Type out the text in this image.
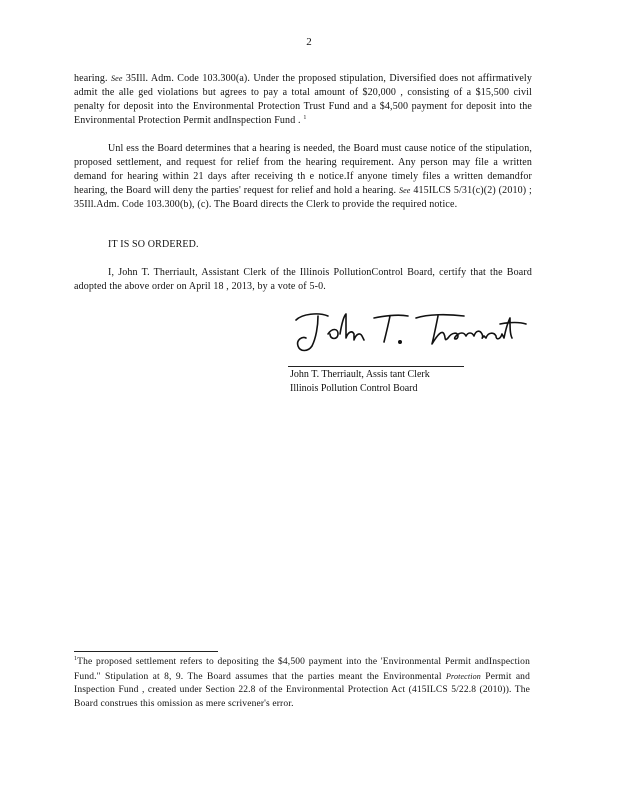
2

hearing. See 35Ill. Adm. Code 103.300(a). Under the proposed stipulation, Diversified does not affirmatively admit the alle ged violations but agrees to pay a total amount of $20,000 , consisting of a $15,500 civil penalty for deposit into the Environmental Protection Trust Fund and a $4,500 payment for deposit into the Environmental Protection Permit andInspection Fund . $^1$

Unl ess the Board determines that a hearing is needed, the Board must cause notice of the stipulation, proposed settlement, and request for relief from the hearing requirement. Any person may file a written demand for hearing within 21 days after receiving th e notice.If anyone timely files a written demandfor hearing, the Board will deny the parties' request for relief and hold a hearing. See 415ILCS 5/31(c)(2) (2010) ; 35Ill.Adm. Code 103.300(b), (c). The Board directs the Clerk to provide the required notice.

IT IS SO ORDERED.

I, John T. Therriault, Assistant Clerk of the Illinois PollutionControl Board, certify that the Board adopted the above order on April 18 , 2013, by a vote of 5-0.

John T. Therriault, Assis tant Clerk
Illinois Pollution Control Board

$^1$The proposed settlement refers to depositing the $4,500 payment into the 'Environmental Permit andInspection Fund." Stipulation at 8, 9. The Board assumes that the parties meant the Environmental Protection Permit and Inspection Fund , created under Section 22.8 of the Environmental Protection Act (415ILCS 5/22.8 (2010)). The Board construes this omission as mere scrivener's error.
